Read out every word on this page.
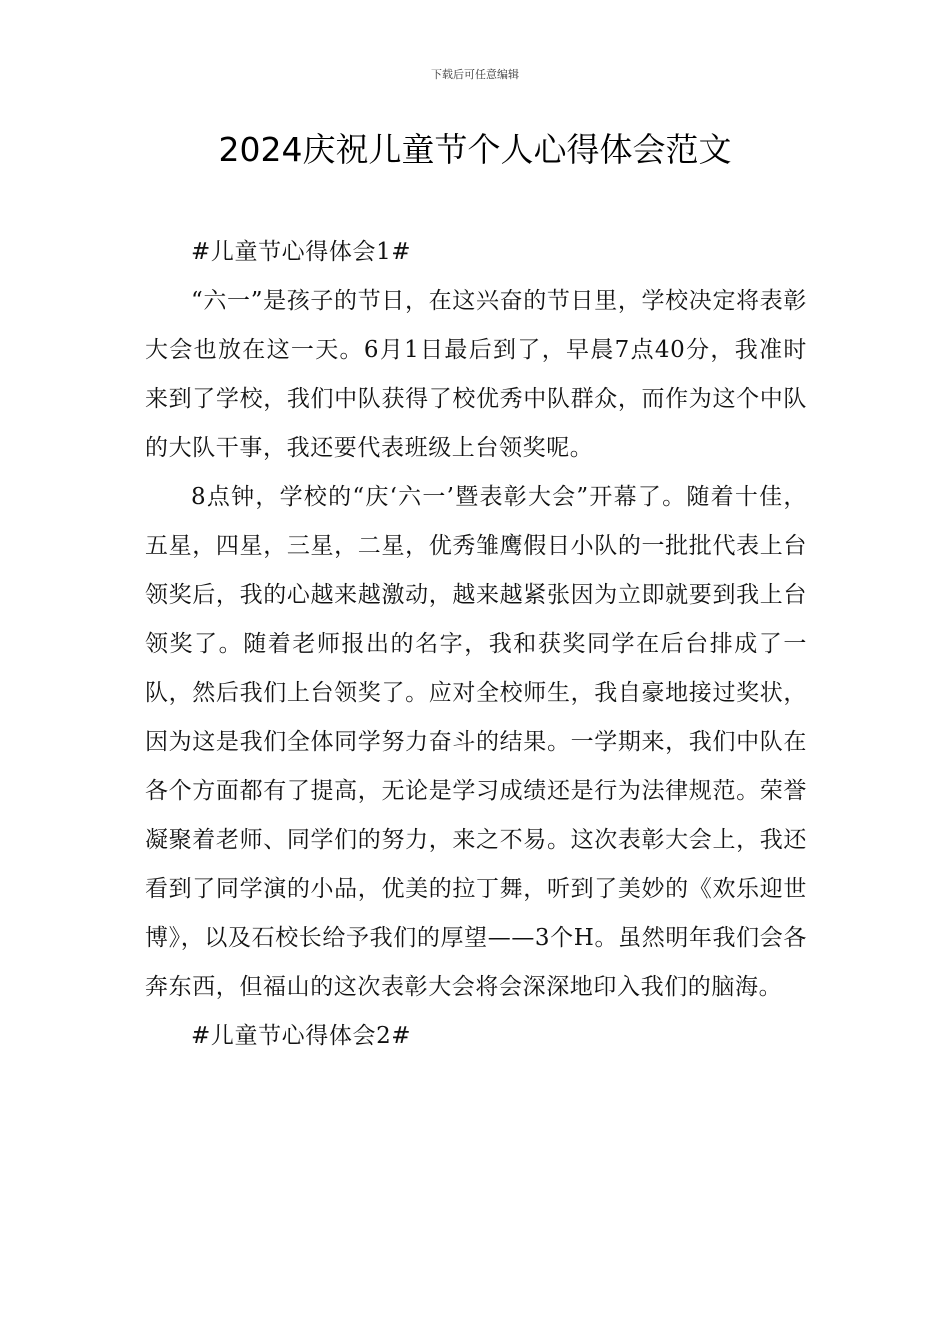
下载后可任意编辑
2024庆祝儿童节个人心得体会范文

#儿童节心得体会1#

“六一”是孩子的节日，在这兴奋的节日里，学校决定将表彰大会也放在这一天。6月1日最后到了，早晨7点40分，我准时来到了学校，我们中队获得了校优秀中队群众，而作为这个中队的大队干事，我还要代表班级上台领奖呢。

8点钟，学校的“庆‘六一’暨表彰大会”开幕了。随着十佳，五星，四星，三星，二星，优秀雏鹰假日小队的一批批代表上台领奖后，我的心越来越激动，越来越紧张因为立即就要到我上台领奖了。随着老师报出的名字，我和获奖同学在后台排成了一队，然后我们上台领奖了。应对全校师生，我自豪地接过奖状，因为这是我们全体同学努力奋斗的结果。一学期来，我们中队在各个方面都有了提高，无论是学习成绩还是行为法律规范。荣誉凝聚着老师、同学们的努力，来之不易。这次表彰大会上，我还看到了同学演的小品，优美的拉丁舞，听到了美妙的《欢乐迎世博》，以及石校长给予我们的厚望——3个H。虽然明年我们会各奔东西，但福山的这次表彰大会将会深深地印入我们的脑海。

#儿童节心得体会2#
